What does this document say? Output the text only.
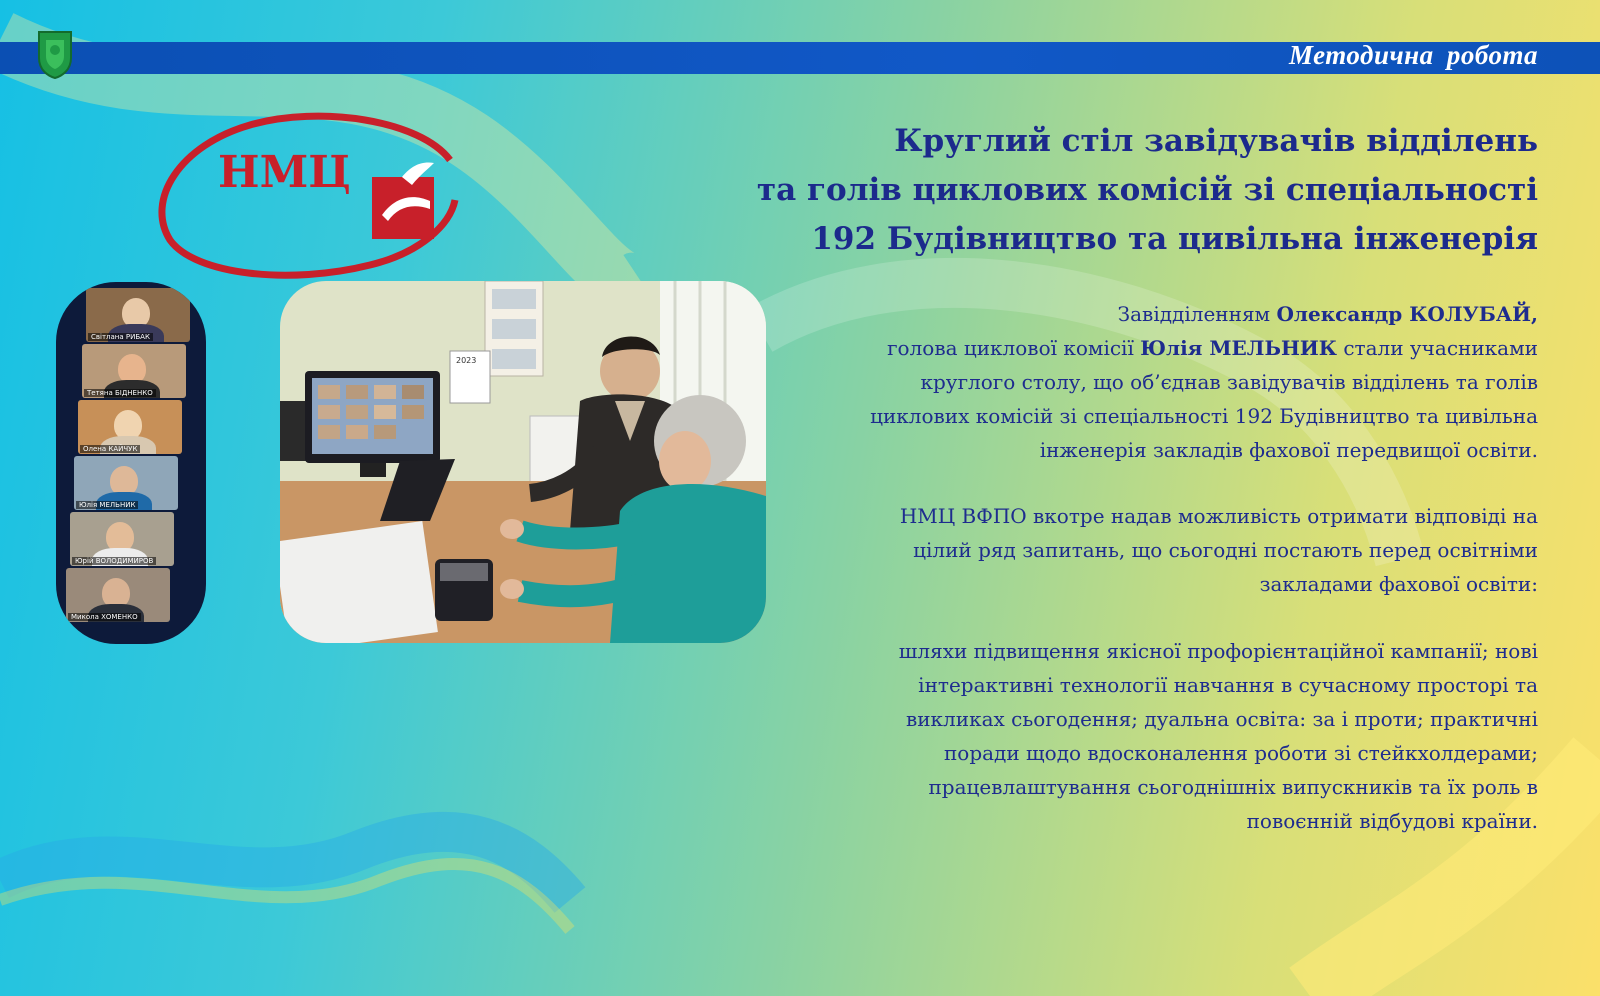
Методична робота
НМЦ
Круглий стіл завідувачів відділень
та голів циклових комісій зі спеціальності
192 Будівництво та цивільна інженерія

Завідділенням Олександр КОЛУБАЙ,
голова циклової комісії Юлія МЕЛЬНИК стали учасниками
круглого столу, що об’єднав завідувачів відділень та голів
циклових комісій зі спеціальності 192 Будівництво та цивільна
інженерія закладів фахової передвищої освіти.

НМЦ ВФПО вкотре надав можливість отримати відповіді на
цілий ряд запитань, що сьогодні постають перед освітніми
закладами фахової освіти:

шляхи підвищення якісної профорієнтаційної кампанії; нові
інтерактивні технології навчання в сучасному просторі та
викликах сьогодення; дуальна освіта: за і проти; практичні
поради щодо вдосконалення роботи зі стейкхолдерами;
працевлаштування сьогоднішніх випускників та їх роль в
повоєнній відбудові країни.

Світлана РИБАК
Тетяна БІДНЕНКО
Олена КАЙЧУК
Юлія МЕЛЬНИК
Юрій ВОЛОДИМИРОВ
Микола ХОМЕНКО
2023
